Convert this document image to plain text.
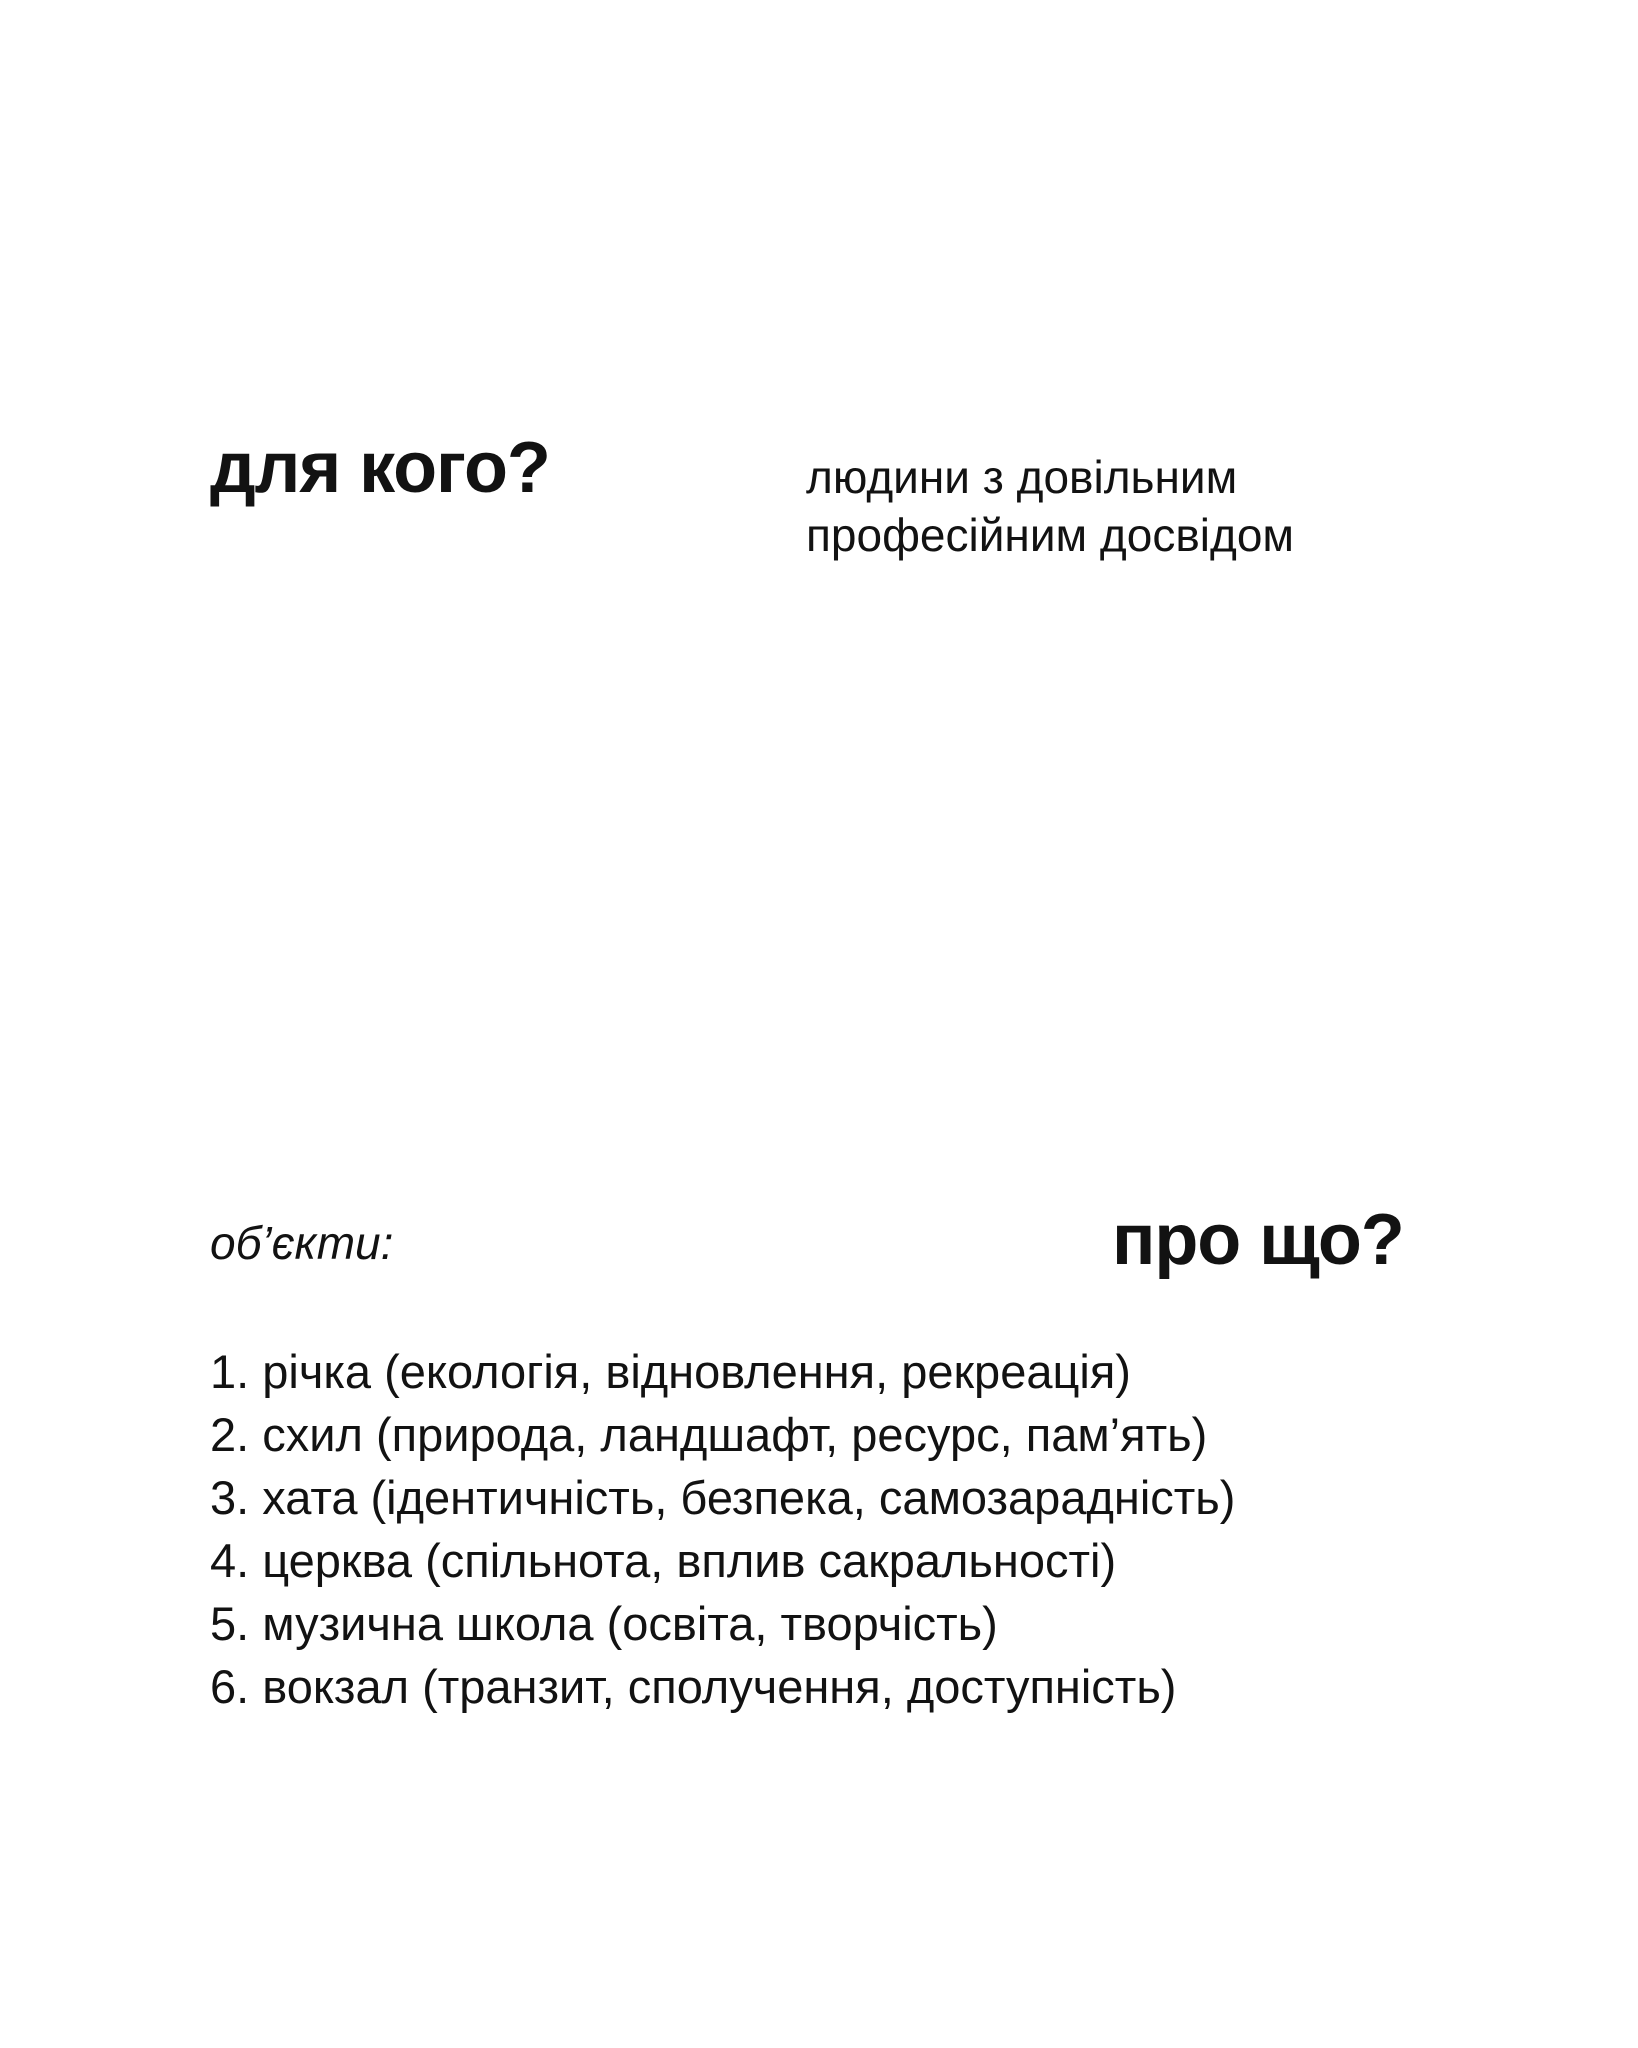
для кого?	людини з довільним
професійним досвідом
про що?
об’єкти:
1. річка (екологія, відновлення, рекреація)
2. схил (природа, ландшафт, ресурс, пам’ять)
3. хата (ідентичність, безпека, самозарадність)
4. церква (спільнота, вплив сакральності)
5. музична школа (освіта, творчість)
6. вокзал (транзит, сполучення, доступність)
